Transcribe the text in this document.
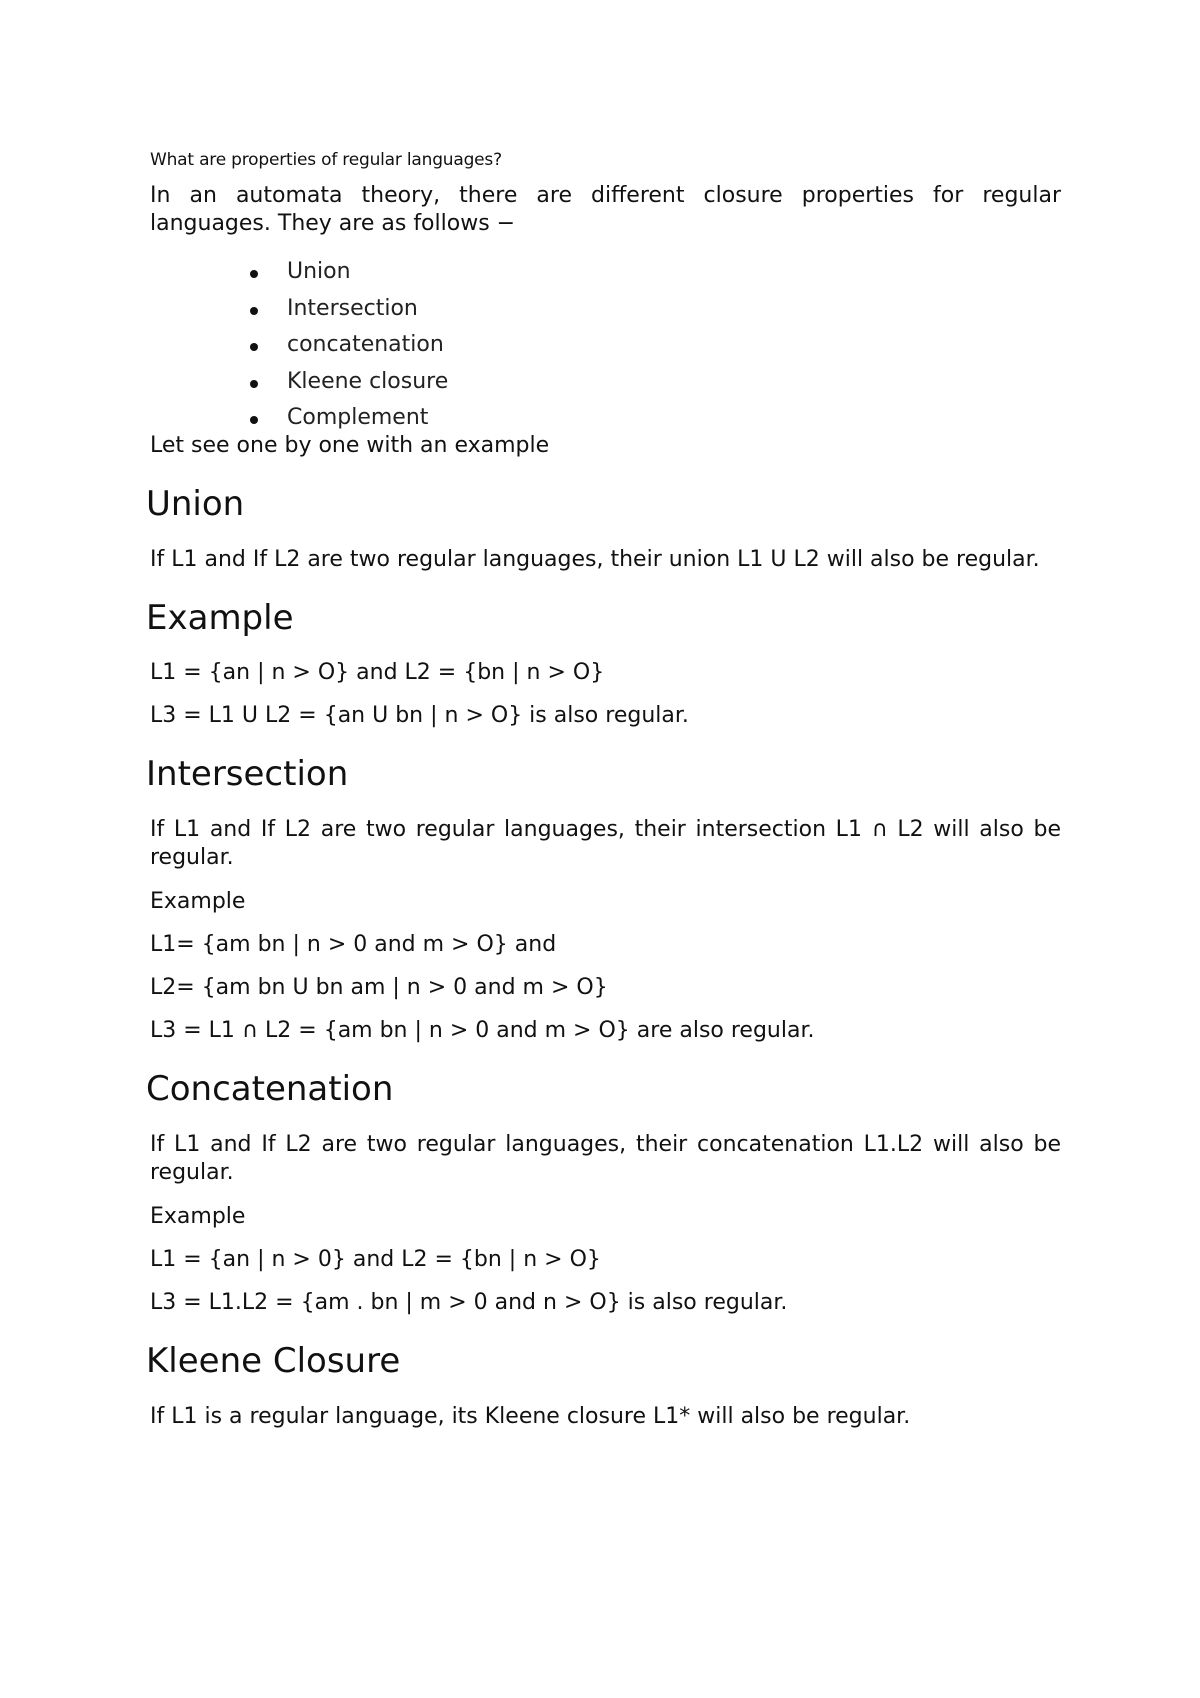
What are properties of regular languages?

In an automata theory, there are different closure properties for regular languages. They are as follows −

Union
Intersection
concatenation
Kleene closure
Complement

Let see one by one with an example

Union

If L1 and If L2 are two regular languages, their union L1 U L2 will also be regular.

Example

L1 = {an | n > O} and L2 = {bn | n > O}

L3 = L1 U L2 = {an U bn | n > O} is also regular.

Intersection

If L1 and If L2 are two regular languages, their intersection L1 ∩ L2 will also be regular.

Example

L1= {am bn | n > 0 and m > O} and

L2= {am bn U bn am | n > 0 and m > O}

L3 = L1 ∩ L2 = {am bn | n > 0 and m > O} are also regular.

Concatenation

If L1 and If L2 are two regular languages, their concatenation L1.L2 will also be regular.

Example

L1 = {an | n > 0} and L2 = {bn | n > O}

L3 = L1.L2 = {am . bn | m > 0 and n > O} is also regular.

Kleene Closure

If L1 is a regular language, its Kleene closure L1* will also be regular.
